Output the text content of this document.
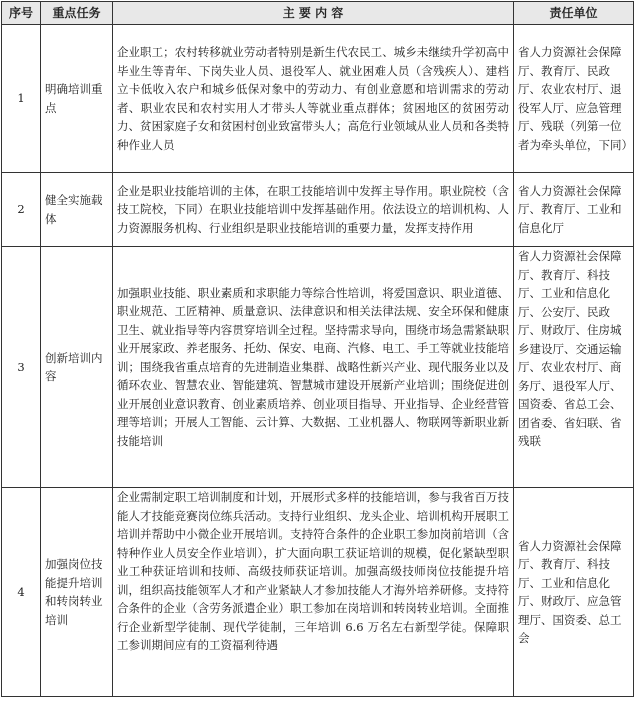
序号	重点任务	主 要 内 容	责任单位
1	明确培训重点	企业职工；农村转移就业劳动者特别是新生代农民工、城乡未继续升学初高中毕业生等青年、下岗失业人员、退役军人、就业困难人员（含残疾人）、建档立卡低收入农户和城乡低保对象中的劳动力、有创业意愿和培训需求的劳动者、职业农民和农村实用人才带头人等就业重点群体；贫困地区的贫困劳动力、贫困家庭子女和贫困村创业致富带头人；高危行业领域从业人员和各类特种作业人员	省人力资源社会保障厅、教育厅、民政厅、农业农村厅、退役军人厅、应急管理厅、残联（列第一位者为牵头单位，下同）
2	健全实施载体	企业是职业技能培训的主体，在职工技能培训中发挥主导作用。职业院校（含技工院校，下同）在职业技能培训中发挥基础作用。依法设立的培训机构、人力资源服务机构、行业组织是职业技能培训的重要力量，发挥支持作用	省人力资源社会保障厅、教育厅、工业和信息化厅
3	创新培训内容	加强职业技能、职业素质和求职能力等综合性培训，将爱国意识、职业道德、职业规范、工匠精神、质量意识、法律意识和相关法律法规、安全环保和健康卫生、就业指导等内容贯穿培训全过程。坚持需求导向，围绕市场急需紧缺职业开展家政、养老服务、托幼、保安、电商、汽修、电工、手工等就业技能培训；围绕我省重点培育的先进制造业集群、战略性新兴产业、现代服务业以及循环农业、智慧农业、智能建筑、智慧城市建设开展新产业培训；围绕促进创业开展创业意识教育、创业素质培养、创业项目指导、开业指导、企业经营管理等培训；开展人工智能、云计算、大数据、工业机器人、物联网等新职业新技能培训	省人力资源社会保障厅、教育厅、科技厅、工业和信息化厅、公安厅、民政厅、财政厅、住房城乡建设厅、交通运输厅、农业农村厅、商务厅、退役军人厅、国资委、省总工会、团省委、省妇联、省残联
4	加强岗位技能提升培训和转岗转业培训	企业需制定职工培训制度和计划，开展形式多样的技能培训，参与我省百万技能人才技能竞赛岗位练兵活动。支持行业组织、龙头企业、培训机构开展职工培训并帮助中小微企业开展培训。支持符合条件的企业职工参加岗前培训（含特种作业人员安全作业培训），扩大面向职工获证培训的规模，促化紧缺型职业工种获证培训和技师、高级技师获证培训。加强高级技师岗位技能提升培训，组织高技能领军人才和产业紧缺人才参加技能人才海外培养研修。支持符合条件的企业（含劳务派遣企业）职工参加在岗培训和转岗转业培训。全面推行企业新型学徒制、现代学徒制，三年培训 6.6 万名左右新型学徒。保障职工参训期间应有的工资福利待遇	省人力资源社会保障厅、教育厅、科技厅、工业和信息化厅、财政厅、应急管理厅、国资委、总工会
